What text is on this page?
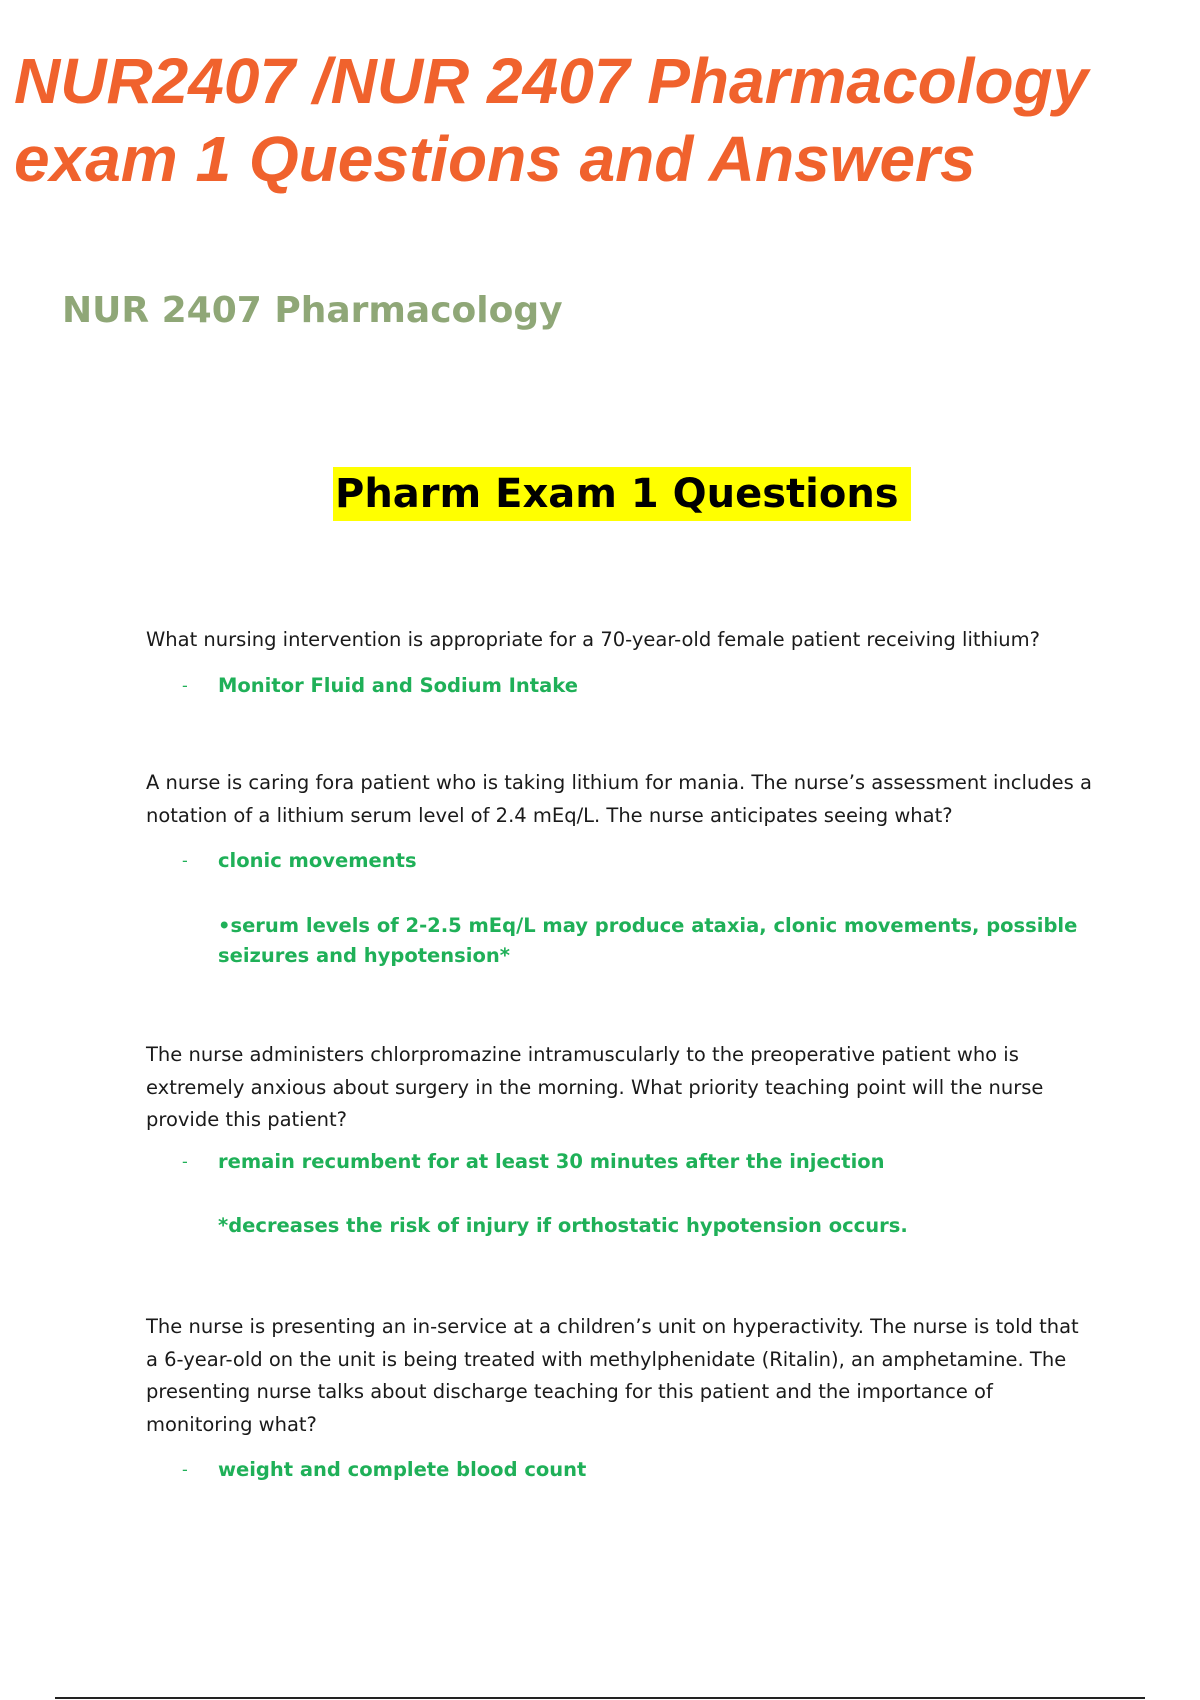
NUR2407 /NUR 2407 Pharmacology
exam 1 Questions and Answers
NUR 2407 Pharmacology
Pharm Exam 1 Questions

What nursing intervention is appropriate for a 70-year-old female patient receiving lithium?

- Monitor Fluid and Sodium Intake

A nurse is caring fora patient who is taking lithium for mania. The nurse’s assessment includes a notation of a lithium serum level of 2.4 mEq/L. The nurse anticipates seeing what?

- clonic movements

•serum levels of 2-2.5 mEq/L may produce ataxia, clonic movements, possible seizures and hypotension*

The nurse administers chlorpromazine intramuscularly to the preoperative patient who is extremely anxious about surgery in the morning. What priority teaching point will the nurse provide this patient?

- remain recumbent for at least 30 minutes after the injection

*decreases the risk of injury if orthostatic hypotension occurs.

The nurse is presenting an in-service at a children’s unit on hyperactivity. The nurse is told that a 6-year-old on the unit is being treated with methylphenidate (Ritalin), an amphetamine. The presenting nurse talks about discharge teaching for this patient and the importance of monitoring what?

- weight and complete blood count
